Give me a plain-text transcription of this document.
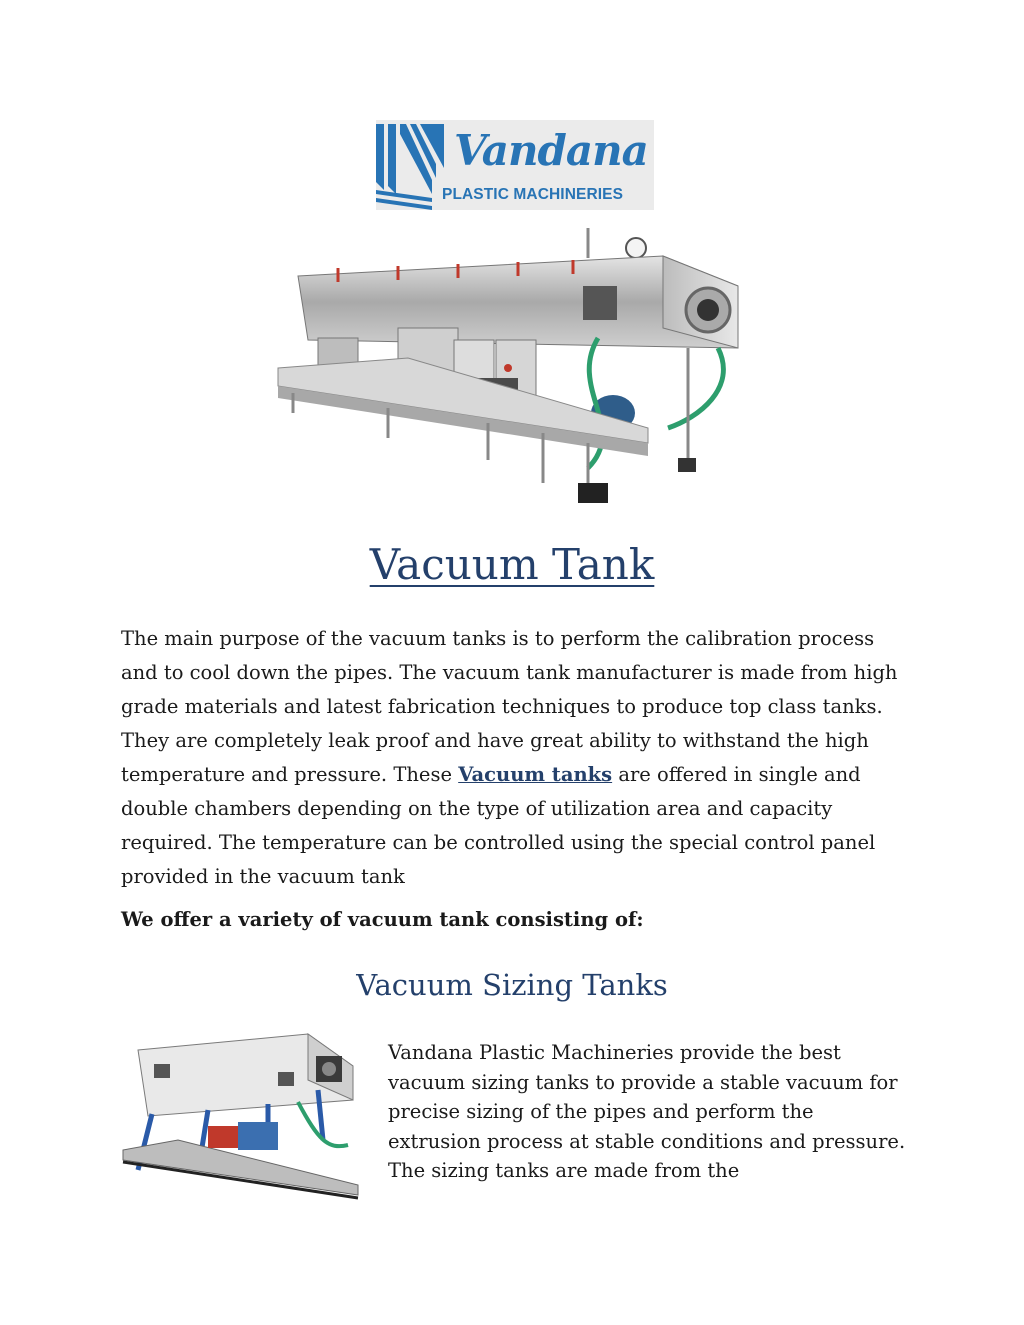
Vandana
PLASTIC MACHINERIES
Vacuum Tank

The main purpose of the vacuum tanks is to perform the calibration process and to cool down the pipes. The vacuum tank manufacturer is made from high grade materials and latest fabrication techniques to produce top class tanks. They are completely leak proof and have great ability to withstand the high temperature and pressure. These Vacuum tanks are offered in single and double chambers depending on the type of utilization area and capacity required. The temperature can be controlled using the special control panel provided in the vacuum tank

We offer a variety of vacuum tank consisting of:

Vacuum Sizing Tanks

Vandana Plastic Machineries provide the best vacuum sizing tanks to provide a stable vacuum for precise sizing of the pipes and perform the extrusion process at stable conditions and pressure. The sizing tanks are made from the
